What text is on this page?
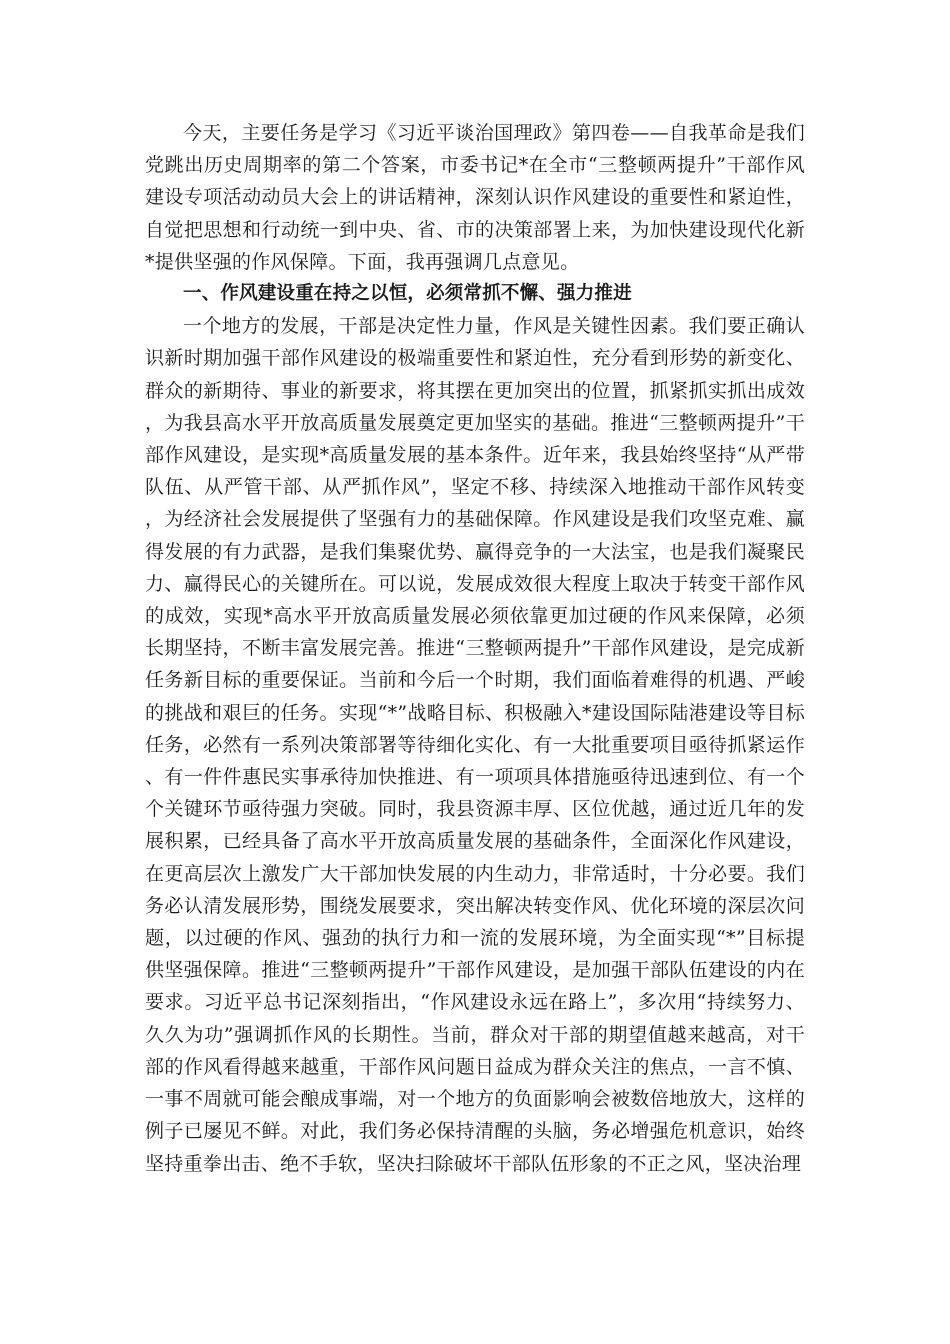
今天，主要任务是学习《习近平谈治国理政》第四卷——自我革命是我们党跳出历史周期率的第二个答案，市委书记*在全市“三整顿两提升”干部作风建设专项活动动员大会上的讲话精神，深刻认识作风建设的重要性和紧迫性，自觉把思想和行动统一到中央、省、市的决策部署上来，为加快建设现代化新*提供坚强的作风保障。下面，我再强调几点意见。

一、作风建设重在持之以恒，必须常抓不懈、强力推进

一个地方的发展，干部是决定性力量，作风是关键性因素。我们要正确认识新时期加强干部作风建设的极端重要性和紧迫性，充分看到形势的新变化、群众的新期待、事业的新要求，将其摆在更加突出的位置，抓紧抓实抓出成效，为我县高水平开放高质量发展奠定更加坚实的基础。推进“三整顿两提升”干部作风建设，是实现*高质量发展的基本条件。近年来，我县始终坚持“从严带队伍、从严管干部、从严抓作风”，坚定不移、持续深入地推动干部作风转变，为经济社会发展提供了坚强有力的基础保障。作风建设是我们攻坚克难、赢得发展的有力武器，是我们集聚优势、赢得竞争的一大法宝，也是我们凝聚民力、赢得民心的关键所在。可以说，发展成效很大程度上取决于转变干部作风的成效，实现*高水平开放高质量发展必须依靠更加过硬的作风来保障，必须长期坚持，不断丰富发展完善。推进“三整顿两提升”干部作风建设，是完成新任务新目标的重要保证。当前和今后一个时期，我们面临着难得的机遇、严峻的挑战和艰巨的任务。实现“*”战略目标、积极融入*建设国际陆港建设等目标任务，必然有一系列决策部署等待细化实化、有一大批重要项目亟待抓紧运作、有一件件惠民实事承待加快推进、有一项项具体措施亟待迅速到位、有一个个关键环节亟待强力突破。同时，我县资源丰厚、区位优越，通过近几年的发展积累，已经具备了高水平开放高质量发展的基础条件，全面深化作风建设，在更高层次上激发广大干部加快发展的内生动力，非常适时，十分必要。我们务必认清发展形势，围绕发展要求，突出解决转变作风、优化环境的深层次问题，以过硬的作风、强劲的执行力和一流的发展环境，为全面实现“*”目标提供坚强保障。推进“三整顿两提升”干部作风建设，是加强干部队伍建设的内在要求。习近平总书记深刻指出，“作风建设永远在路上”，多次用“持续努力、久久为功”强调抓作风的长期性。当前，群众对干部的期望值越来越高，对干部的作风看得越来越重，干部作风问题日益成为群众关注的焦点，一言不慎、一事不周就可能会酿成事端，对一个地方的负面影响会被数倍地放大，这样的例子已屡见不鲜。对此，我们务必保持清醒的头脑，务必增强危机意识，始终坚持重拳出击、绝不手软，坚决扫除破坏干部队伍形象的不正之风，坚决治理
